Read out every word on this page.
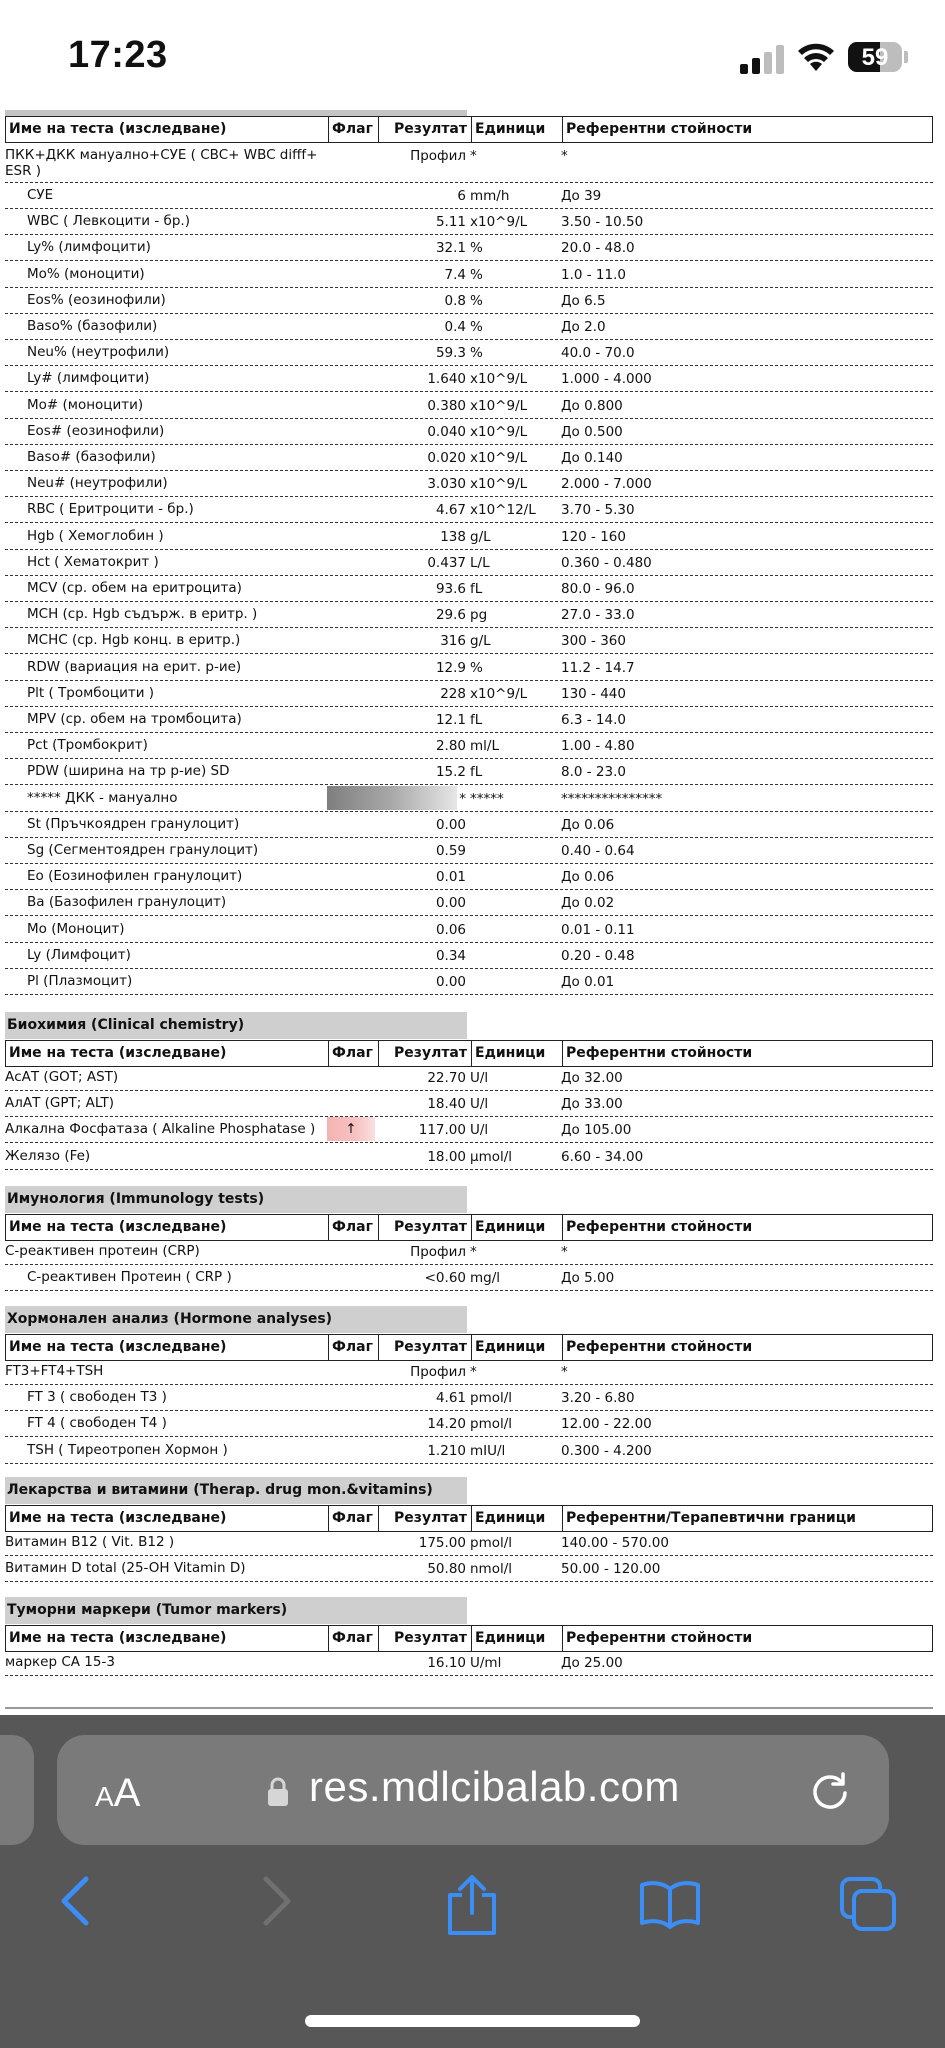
17:23	59
Име на теста (изследване)	Флаг	Резултат Единици	Референтни стойности
ПКК+ДКК мануално+СУЕ ( CBC+ WBC difff+ ESR )
Профил *	*
СУЕ	6 mm/h	До 39
WBC ( Левкоцити - бр.)	5.11 x10^9/L	3.50 - 10.50
Ly% (лимфоцити)	32.1 %	20.0 - 48.0
Mo% (моноцити)	7.4 %	1.0 - 11.0
Eos% (еозинофили)	0.8 %	До 6.5
Baso% (базофили)	0.4 %	До 2.0
Neu% (неутрофили)	59.3 %	40.0 - 70.0
Ly# (лимфоцити)	1.640 x10^9/L	1.000 - 4.000
Mo# (моноцити)	0.380 x10^9/L	До 0.800
Eos# (еозинофили)	0.040 x10^9/L	До 0.500
Baso# (базофили)	0.020 x10^9/L	До 0.140
Neu# (неутрофили)	3.030 x10^9/L	2.000 - 7.000
RBC ( Еритроцити - бр.)	4.67 x10^12/L 3.70 - 5.30
Hgb ( Хемоглобин )	138 g/L	120 - 160
Hct ( Хематокрит )	0.437 L/L	0.360 - 0.480
MCV (ср. обем на еритроцита)	93.6 fL	80.0 - 96.0
MCH (ср. Hgb съдърж. в еритр. )	29.6 pg	27.0 - 33.0
MCHC (ср. Hgb конц. в еритр.)	316 g/L	300 - 360
RDW (вариация на ерит. р-ие)	12.9 %	11.2 - 14.7
Plt ( Тромбоцити )	228 x10^9/L	130 - 440
MPV (ср. обем на тромбоцита)	12.1 fL	6.3 - 14.0
Pct (Тромбокрит)	2.80 ml/L	1.00 - 4.80
PDW (ширина на тр р-ие) SD	15.2 fL	8.0 - 23.0
***** ДКК - мануално	* *****	***************
St (Пръчкоядрен гранулоцит)	0.00	До 0.06
Sg (Сегментоядрен гранулоцит)	0.59	0.40 - 0.64
Eo (Еозинофилен гранулоцит)	0.01	До 0.06
Ba (Базофилен гранулоцит)	0.00	До 0.02
Mo (Моноцит)	0.06	0.01 - 0.11
Ly (Лимфоцит)	0.34	0.20 - 0.48
Pl (Плазмоцит)	0.00	До 0.01
Биохимия (Clinical chemistry)
Име на теста (изследване)	Флаг	Резултат Единици	Референтни стойности
АсАТ (GOT; AST)	22.70 U/l	До 32.00
АлАТ (GPT; ALT)	18.40 U/l	До 33.00
Алкална Фосфатаза ( Alkaline Phosphatase )	↑	117.00 U/l	До 105.00
Желязо (Fe)	18.00 µmol/l	6.60 - 34.00
Имунология (Immunology tests)
Име на теста (изследване)	Флаг	Резултат Единици	Референтни стойности
С-реактивен протеин (CRP)	Профил *	*
С-реактивен Протеин ( CRP )	<0.60 mg/l	До 5.00
Хормонален анализ (Hormone analyses)
Име на теста (изследване)	Флаг	Резултат Единици	Референтни стойности
FT3+FT4+TSH	Профил *	*
FT 3 ( свободен Т3 )	4.61 pmol/l	3.20 - 6.80
FT 4 ( свободен Т4 )	14.20 pmol/l	12.00 - 22.00
TSH ( Тиреотропен Хормон )	1.210 mIU/l	0.300 - 4.200
Лекарства и витамини (Therap. drug mon.&vitamins)
Име на теста (изследване)	Флаг	Резултат Единици	Референтни/Терапевтични граници
Витамин B12 ( Vit. B12 )	175.00 pmol/l	140.00 - 570.00
Витамин D total (25-OH Vitamin D)	50.80 nmol/l	50.00 - 120.00
Туморни маркери (Tumor markers)
Име на теста (изследване)	Флаг	Резултат Единици	Референтни стойности
маркер СА 15-3	16.10 U/ml	До 25.00
AA	res.mdlcibalab.com
